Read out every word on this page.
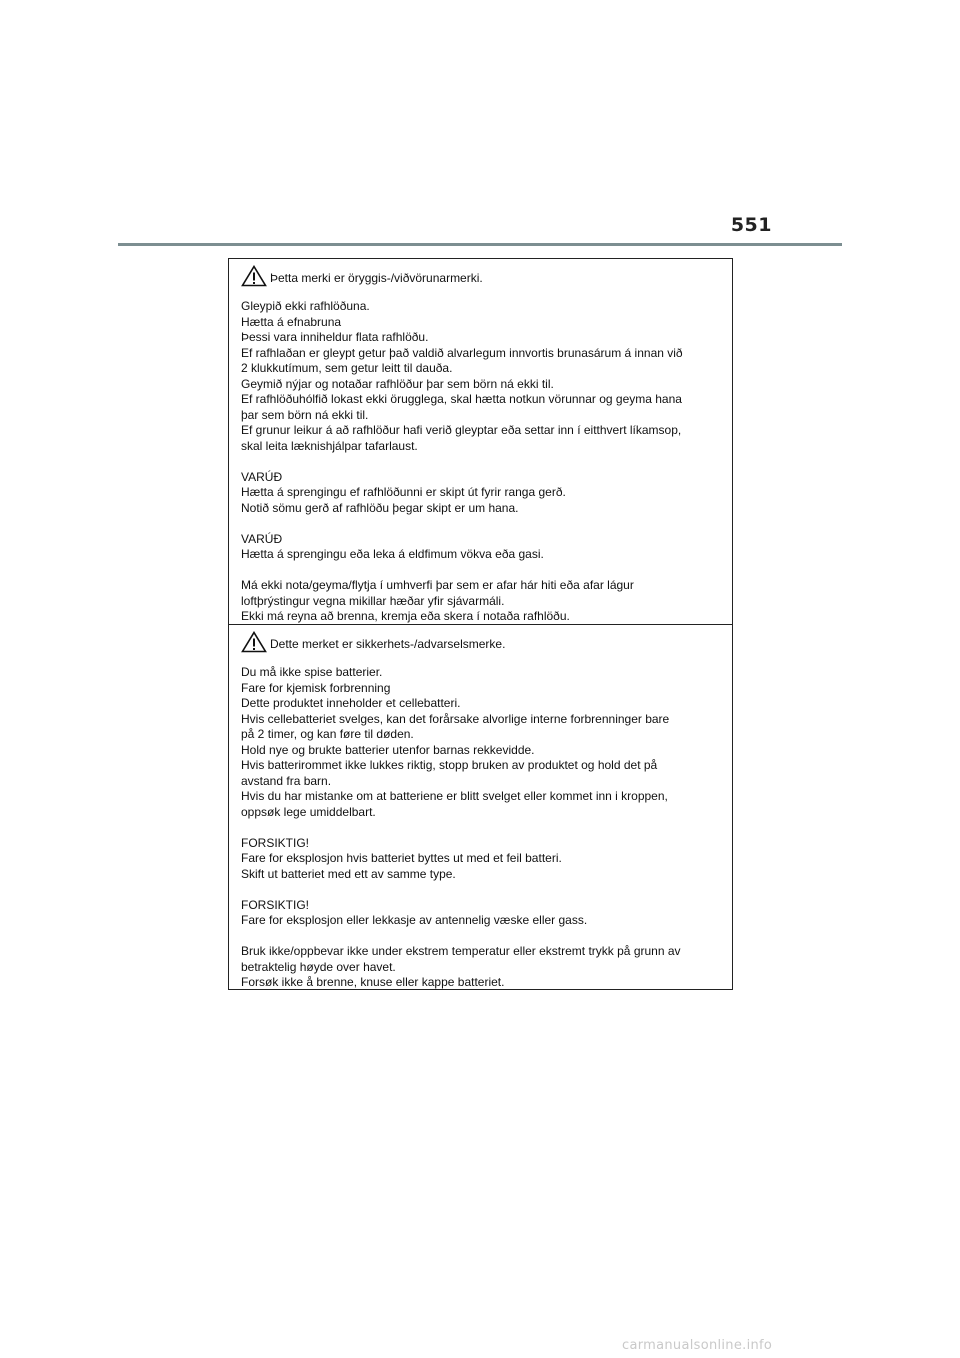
551
Þetta merki er öryggis-/viðvörunarmerki.

Gleypið ekki rafhlöðuna.

Hætta á efnabruna

Þessi vara inniheldur flata rafhlöðu.

Ef rafhlaðan er gleypt getur það valdið alvarlegum innvortis brunasárum á innan við

2 klukkutímum, sem getur leitt til dauða.

Geymið nýjar og notaðar rafhlöður þar sem börn ná ekki til.

Ef rafhlöðuhólfið lokast ekki örugglega, skal hætta notkun vörunnar og geyma hana

þar sem börn ná ekki til.

Ef grunur leikur á að rafhlöður hafi verið gleyptar eða settar inn í eitthvert líkamsop,

skal leita læknishjálpar tafarlaust.

VARÚÐ

Hætta á sprengingu ef rafhlöðunni er skipt út fyrir ranga gerð.

Notið sömu gerð af rafhlöðu þegar skipt er um hana.

VARÚÐ

Hætta á sprengingu eða leka á eldfimum vökva eða gasi.

Má ekki nota/geyma/flytja í umhverfi þar sem er afar hár hiti eða afar lágur

loftþrýstingur vegna mikillar hæðar yfir sjávarmáli.

Ekki má reyna að brenna, kremja eða skera í notaða rafhlöðu.

Dette merket er sikkerhets-/advarselsmerke.

Du må ikke spise batterier.

Fare for kjemisk forbrenning

Dette produktet inneholder et cellebatteri.

Hvis cellebatteriet svelges, kan det forårsake alvorlige interne forbrenninger bare

på 2 timer, og kan føre til døden.

Hold nye og brukte batterier utenfor barnas rekkevidde.

Hvis batterirommet ikke lukkes riktig, stopp bruken av produktet og hold det på

avstand fra barn.

Hvis du har mistanke om at batteriene er blitt svelget eller kommet inn i kroppen,

oppsøk lege umiddelbart.

FORSIKTIG!

Fare for eksplosjon hvis batteriet byttes ut med et feil batteri.

Skift ut batteriet med ett av samme type.

FORSIKTIG!

Fare for eksplosjon eller lekkasje av antennelig væske eller gass.

Bruk ikke/oppbevar ikke under ekstrem temperatur eller ekstremt trykk på grunn av

betraktelig høyde over havet.

Forsøk ikke å brenne, knuse eller kappe batteriet.

carmanualsonline.info
